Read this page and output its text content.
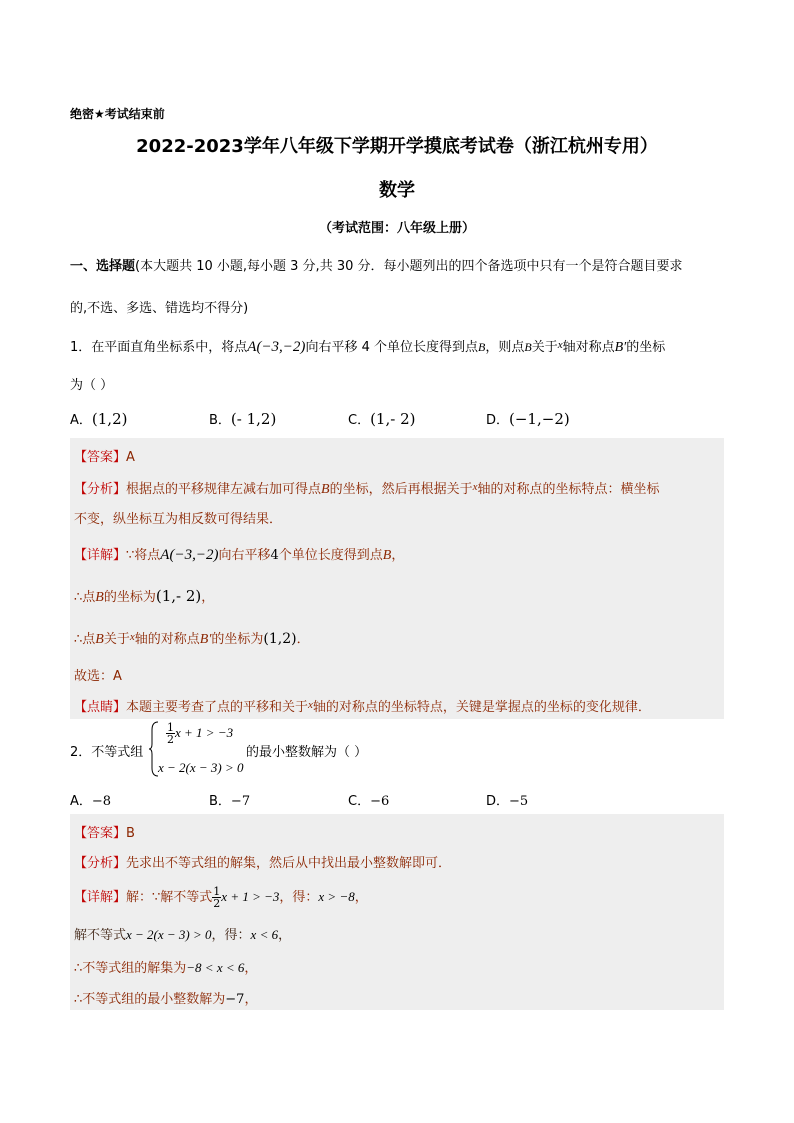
绝密★考试结束前
2022-2023学年八年级下学期开学摸底考试卷（浙江杭州专用）
数学
（考试范围：八年级上册）
一、选择题(本大题共 10 小题,每小题 3 分,共 30 分．每小题列出的四个备选项中只有一个是符合题目要求
的,不选、多选、错选均不得分)
1．在平面直角坐标系中，将点A(−3,−2)向右平移 4 个单位长度得到点B，则点B关于$^x$轴对称点B′的坐标
为（ ）
A．(1,2)	B．(- 1,2)	C．(1,- 2)	D．(−1,−2)
【答案】A
【分析】根据点的平移规律左减右加可得点B的坐标，然后再根据关于$^x$轴的对称点的坐标特点：横坐标
不变，纵坐标互为相反数可得结果．
【详解】∵将点A(−3,−2)向右平移4个单位长度得到点B，
∴点B的坐标为(1,- 2)，
∴点B关于$^x$轴的对称点B′的坐标为(1,2)．
故选：A
【点睛】本题主要考查了点的平移和关于$^x$轴的对称点的坐标特点，关键是掌握点的坐标的变化规律．
2．不等式组
$\frac{1}{2}$ x + 1 > −3
x − 2(x − 3) > 0
的最小整数解为（ ）
A．−8	B．−7	C．−6	D．−5
【答案】B
【分析】先求出不等式组的解集，然后从中找出最小整数解即可．
【详解】解：∵解不等式 $\frac{1}{2}$ x + 1 > −3，得：x > −8，
解不等式x − 2(x − 3) > 0，得：x < 6，
∴不等式组的解集为−8 < x < 6，
∴不等式组的最小整数解为−7，
